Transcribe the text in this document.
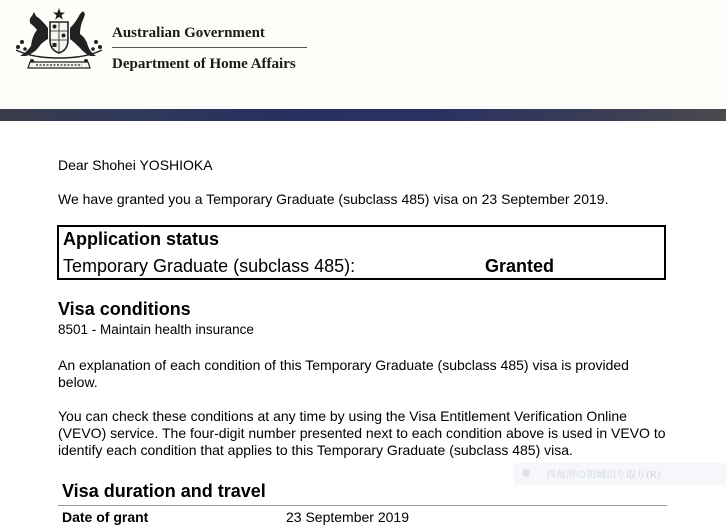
Australian Government
Department of Home Affairs
Dear Shohei YOSHIOKA
We have granted you a Temporary Graduate (subclass 485) visa on 23 September 2019.
Application status
Temporary Graduate (subclass 485):	Granted
Visa conditions
8501 - Maintain health insurance
An explanation of each condition of this Temporary Graduate (subclass 485) visa is provided below.
You can check these conditions at any time by using the Visa Entitlement Verification Online (VEVO) service. The four-digit number presented next to each condition above is used in VEVO to identify each condition that applies to this Temporary Graduate (subclass 485) visa.
四角形の領域切り取り(R)
Visa duration and travel
Date of grant	23 September 2019
